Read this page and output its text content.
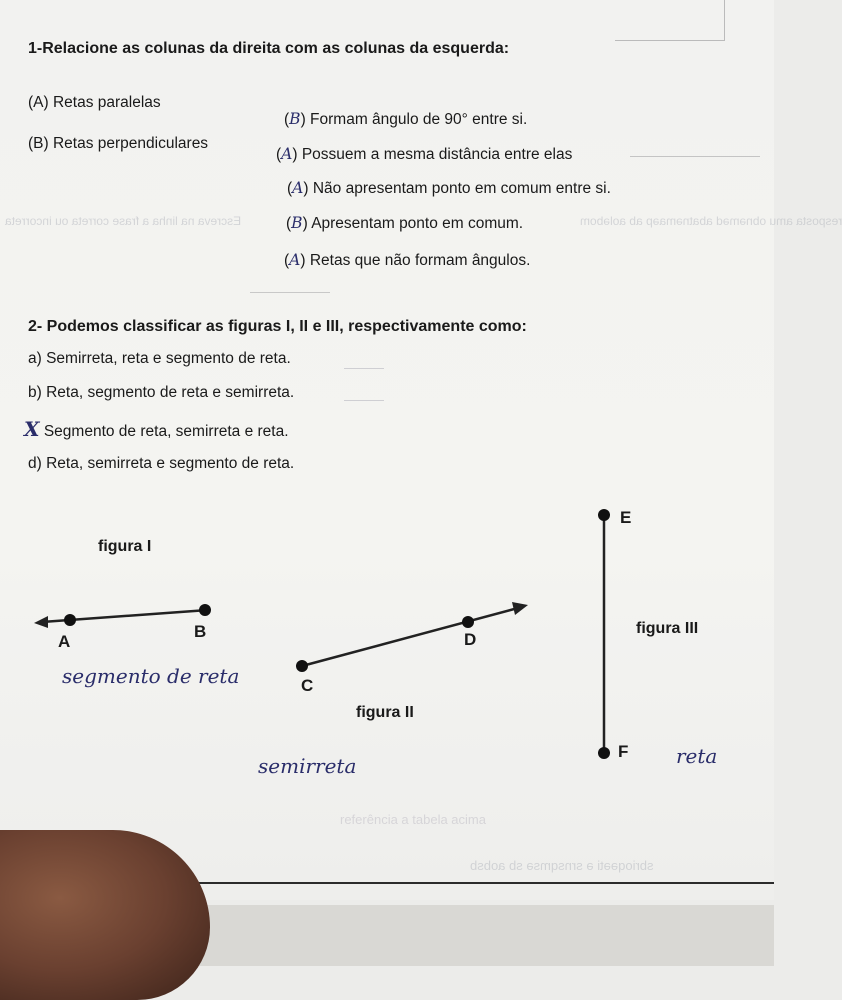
Escreva na linha a frase correta ou incorreta	resposta amu obnəməd abatnəmaəp ab aoləbom
referência a tabela acima
sbrioqəəti ə srnsqmsə sb aobsb
1-Relacione as colunas da direita com as colunas da esquerda:
(A) Retas paralelas
(B) Retas perpendiculares
(B) Formam ângulo de 90° entre si.
(A) Possuem a mesma distância entre elas
(A) Não apresentam ponto em comum entre si.
(B) Apresentam ponto em comum.
(A) Retas que não formam ângulos.
2- Podemos classificar as figuras I, II e III, respectivamente como:
a) Semirreta, reta e segmento de reta.
b) Reta, segmento de reta e semirreta.
X Segmento de reta, semirreta e reta.
d) Reta, semirreta e segmento de reta.
figura I
A
B
segmento de reta
D
C
figura II
semirreta
E
F
figura III
reta
